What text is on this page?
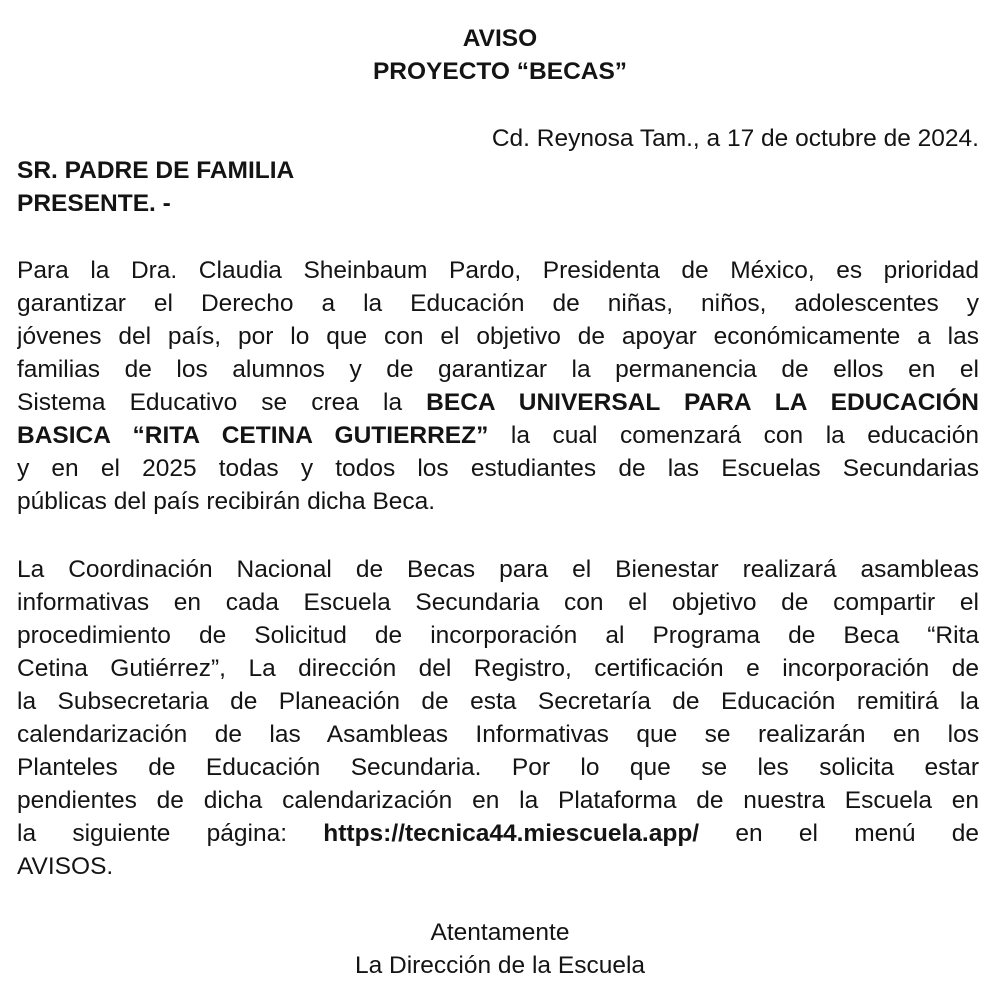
AVISO
PROYECTO “BECAS”
Cd. Reynosa Tam., a 17 de octubre de 2024.
SR. PADRE DE FAMILIA
PRESENTE. -
Para la Dra. Claudia Sheinbaum Pardo, Presidenta de México, es prioridad
garantizar el Derecho a la Educación de niñas, niños, adolescentes y
jóvenes del país, por lo que con el objetivo de apoyar económicamente a las
familias de los alumnos y de garantizar la permanencia de ellos en el
Sistema Educativo se crea la BECA UNIVERSAL PARA LA EDUCACIÓN
BASICA “RITA CETINA GUTIERREZ” la cual comenzará con la educación
y en el 2025 todas y todos los estudiantes de las Escuelas Secundarias
públicas del país recibirán dicha Beca.
La Coordinación Nacional de Becas para el Bienestar realizará asambleas
informativas en cada Escuela Secundaria con el objetivo de compartir el
procedimiento de Solicitud de incorporación al Programa de Beca “Rita
Cetina Gutiérrez”, La dirección del Registro, certificación e incorporación de
la Subsecretaria de Planeación de esta Secretaría de Educación remitirá la
calendarización de las Asambleas Informativas que se realizarán en los
Planteles de Educación Secundaria. Por lo que se les solicita estar
pendientes de dicha calendarización en la Plataforma de nuestra Escuela en
la siguiente página: https://tecnica44.miescuela.app/ en el menú de
AVISOS.
Atentamente
La Dirección de la Escuela
